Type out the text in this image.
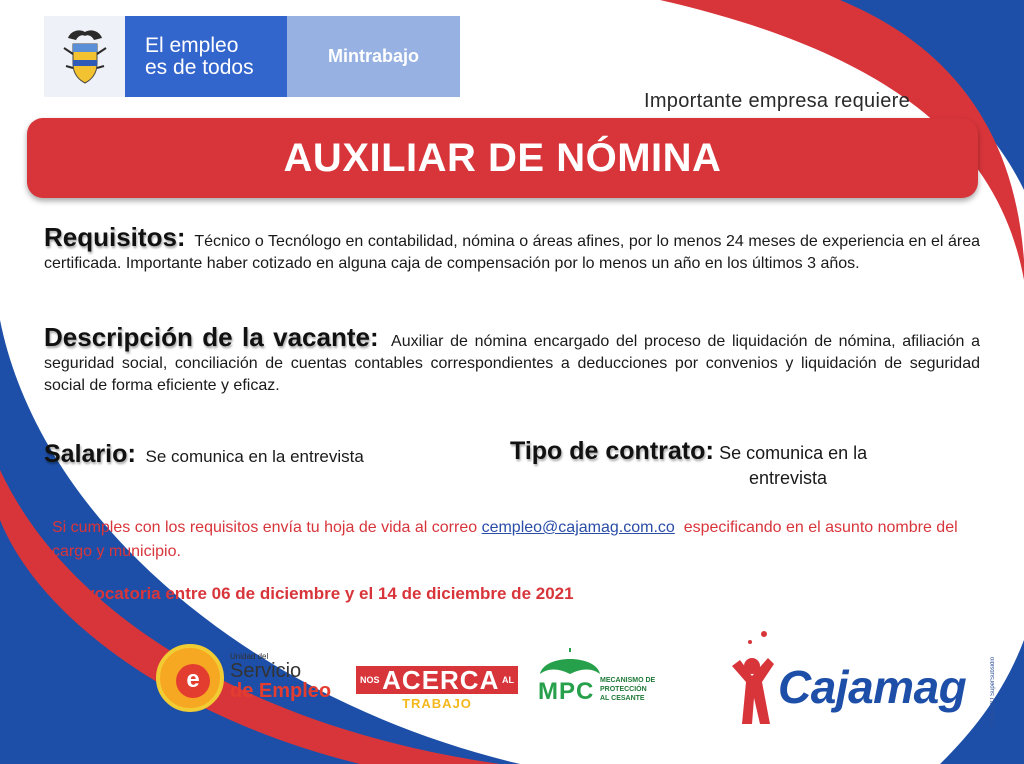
El empleo
es de todos	Mintrabajo
Importante empresa requiere
AUXILIAR DE NÓMINA
Requisitos: Técnico o Tecnólogo en contabilidad, nómina o áreas afines, por lo menos 24 meses de experiencia en el área certificada. Importante haber cotizado en alguna caja de compensación por lo menos un año en los últimos 3 años.
Descripción de la vacante: Auxiliar de nómina encargado del proceso de liquidación de nómina, afiliación a seguridad social, conciliación de cuentas contables correspondientes a deducciones por convenios y liquidación de seguridad social de forma eficiente y eficaz.
Salario: Se comunica en la entrevista	Tipo de contrato: Se comunica en la
entrevista
Si cumples con los requisitos envía tu hoja de vida al correo cempleo@cajamag.com.co especificando en el asunto nombre del cargo y municipio.
Convocatoria entre 06 de diciembre y el 14 de diciembre de 2021
e
Unidad del
Servicio
de Empleo	NOS ACERCA AL
TRABAJO	MPC MECANISMO DE
PROTECCIÓN
AL CESANTE	Cajamag	VIGILADO SuperSubsidio
